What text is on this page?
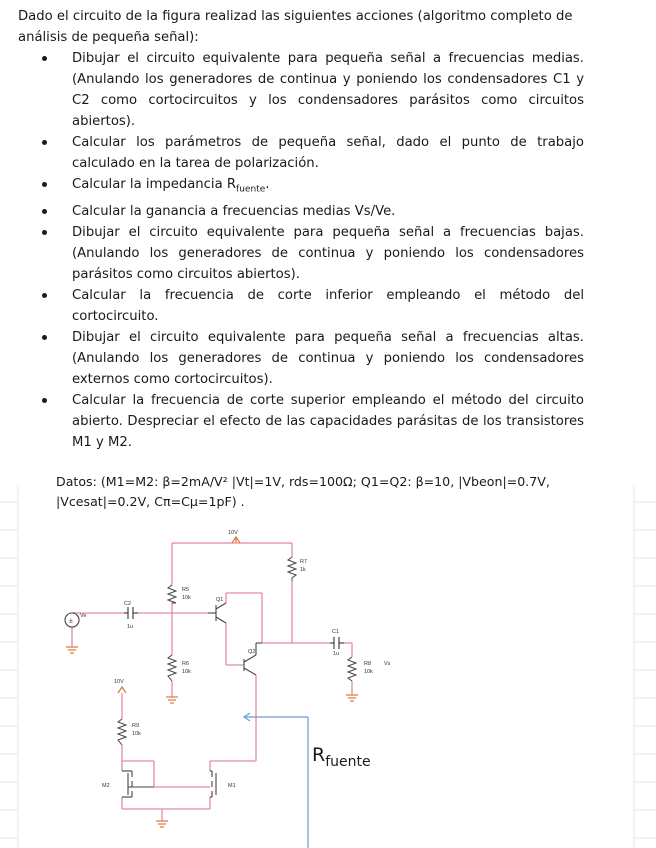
Dado el circuito de la figura realizad las siguientes acciones (algoritmo completo de análisis de pequeña señal):

Dibujar el circuito equivalente para pequeña señal a frecuencias medias. (Anulando los generadores de continua y poniendo los condensadores C1 y C2 como cortocircuitos y los condensadores parásitos como circuitos abiertos).
Calcular los parámetros de pequeña señal, dado el punto de trabajo calculado en la tarea de polarización.
Calcular la impedancia $R_{fuente}$.
Calcular la ganancia a frecuencias medias Vs/Ve.
Dibujar el circuito equivalente para pequeña señal a frecuencias bajas. (Anulando los generadores de continua y poniendo los condensadores parásitos como circuitos abiertos).
Calcular la frecuencia de corte inferior empleando el método del cortocircuito.
Dibujar el circuito equivalente para pequeña señal a frecuencias altas. (Anulando los generadores de continua y poniendo los condensadores externos como cortocircuitos).
Calcular la frecuencia de corte superior empleando el método del circuito abierto. Despreciar el efecto de las capacidades parásitas de los transistores M1 y M2.
Datos: (M1=M2: β=2mA/V² |Vt|=1V, rds=100Ω; Q1=Q2: β=10, |Vbeon|=0.7V,
|Vcesat|=0.2V, Cπ=Cμ=1pF) .
±
10V
R7
1k
R5
10k	Q1
C2
1u
Ve
C1
1u
Q2
R6
10k
R8
10k
Vs
10V
R9
10k
M2	M1
$R_{fuente}$
